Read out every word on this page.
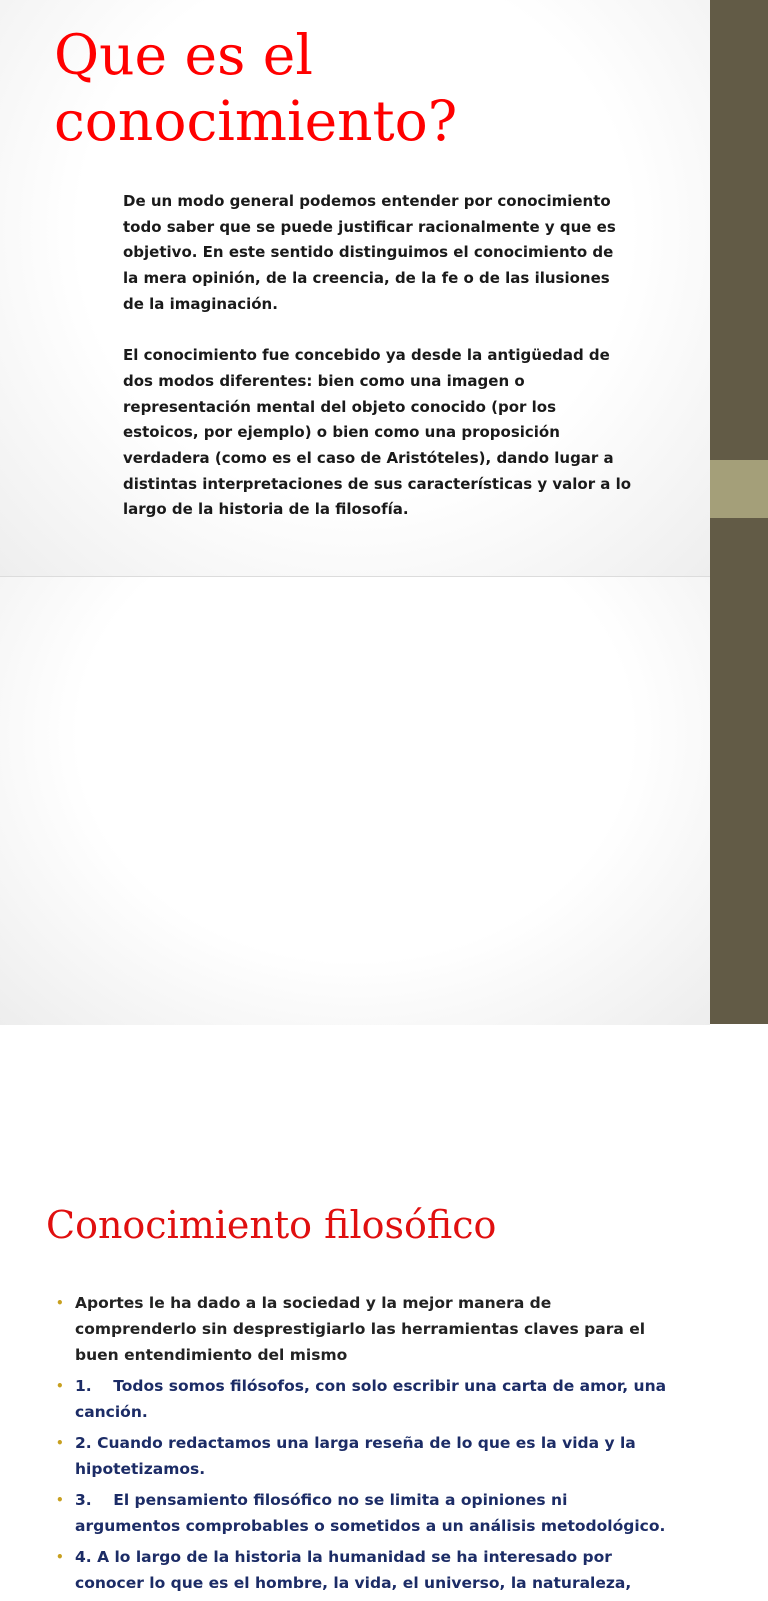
Que es el
conocimiento?

De un modo general podemos entender por conocimiento
todo saber que se puede justificar racionalmente y que es
objetivo. En este sentido distinguimos el conocimiento de
la mera opinión, de la creencia, de la fe o de las ilusiones
de la imaginación.

El conocimiento fue concebido ya desde la antigüedad de
dos modos diferentes: bien como una imagen o
representación mental del objeto conocido (por los
estoicos, por ejemplo) o bien como una proposición
verdadera (como es el caso de Aristóteles), dando lugar a
distintas interpretaciones de sus características y valor a lo
largo de la historia de la filosofía.

Conocimiento filosófico
• Aportes le ha dado a la sociedad y la mejor manera de
comprenderlo sin desprestigiarlo las herramientas claves para el
buen entendimiento del mismo
• 1.    Todos somos filósofos, con solo escribir una carta de amor, una
canción.
• 2. Cuando redactamos una larga reseña de lo que es la vida y la
hipotetizamos.
• 3.    El pensamiento filosófico no se limita a opiniones ni
argumentos comprobables o sometidos a un análisis metodológico.
• 4. A lo largo de la historia la humanidad se ha interesado por
conocer lo que es el hombre, la vida, el universo, la naturaleza,
